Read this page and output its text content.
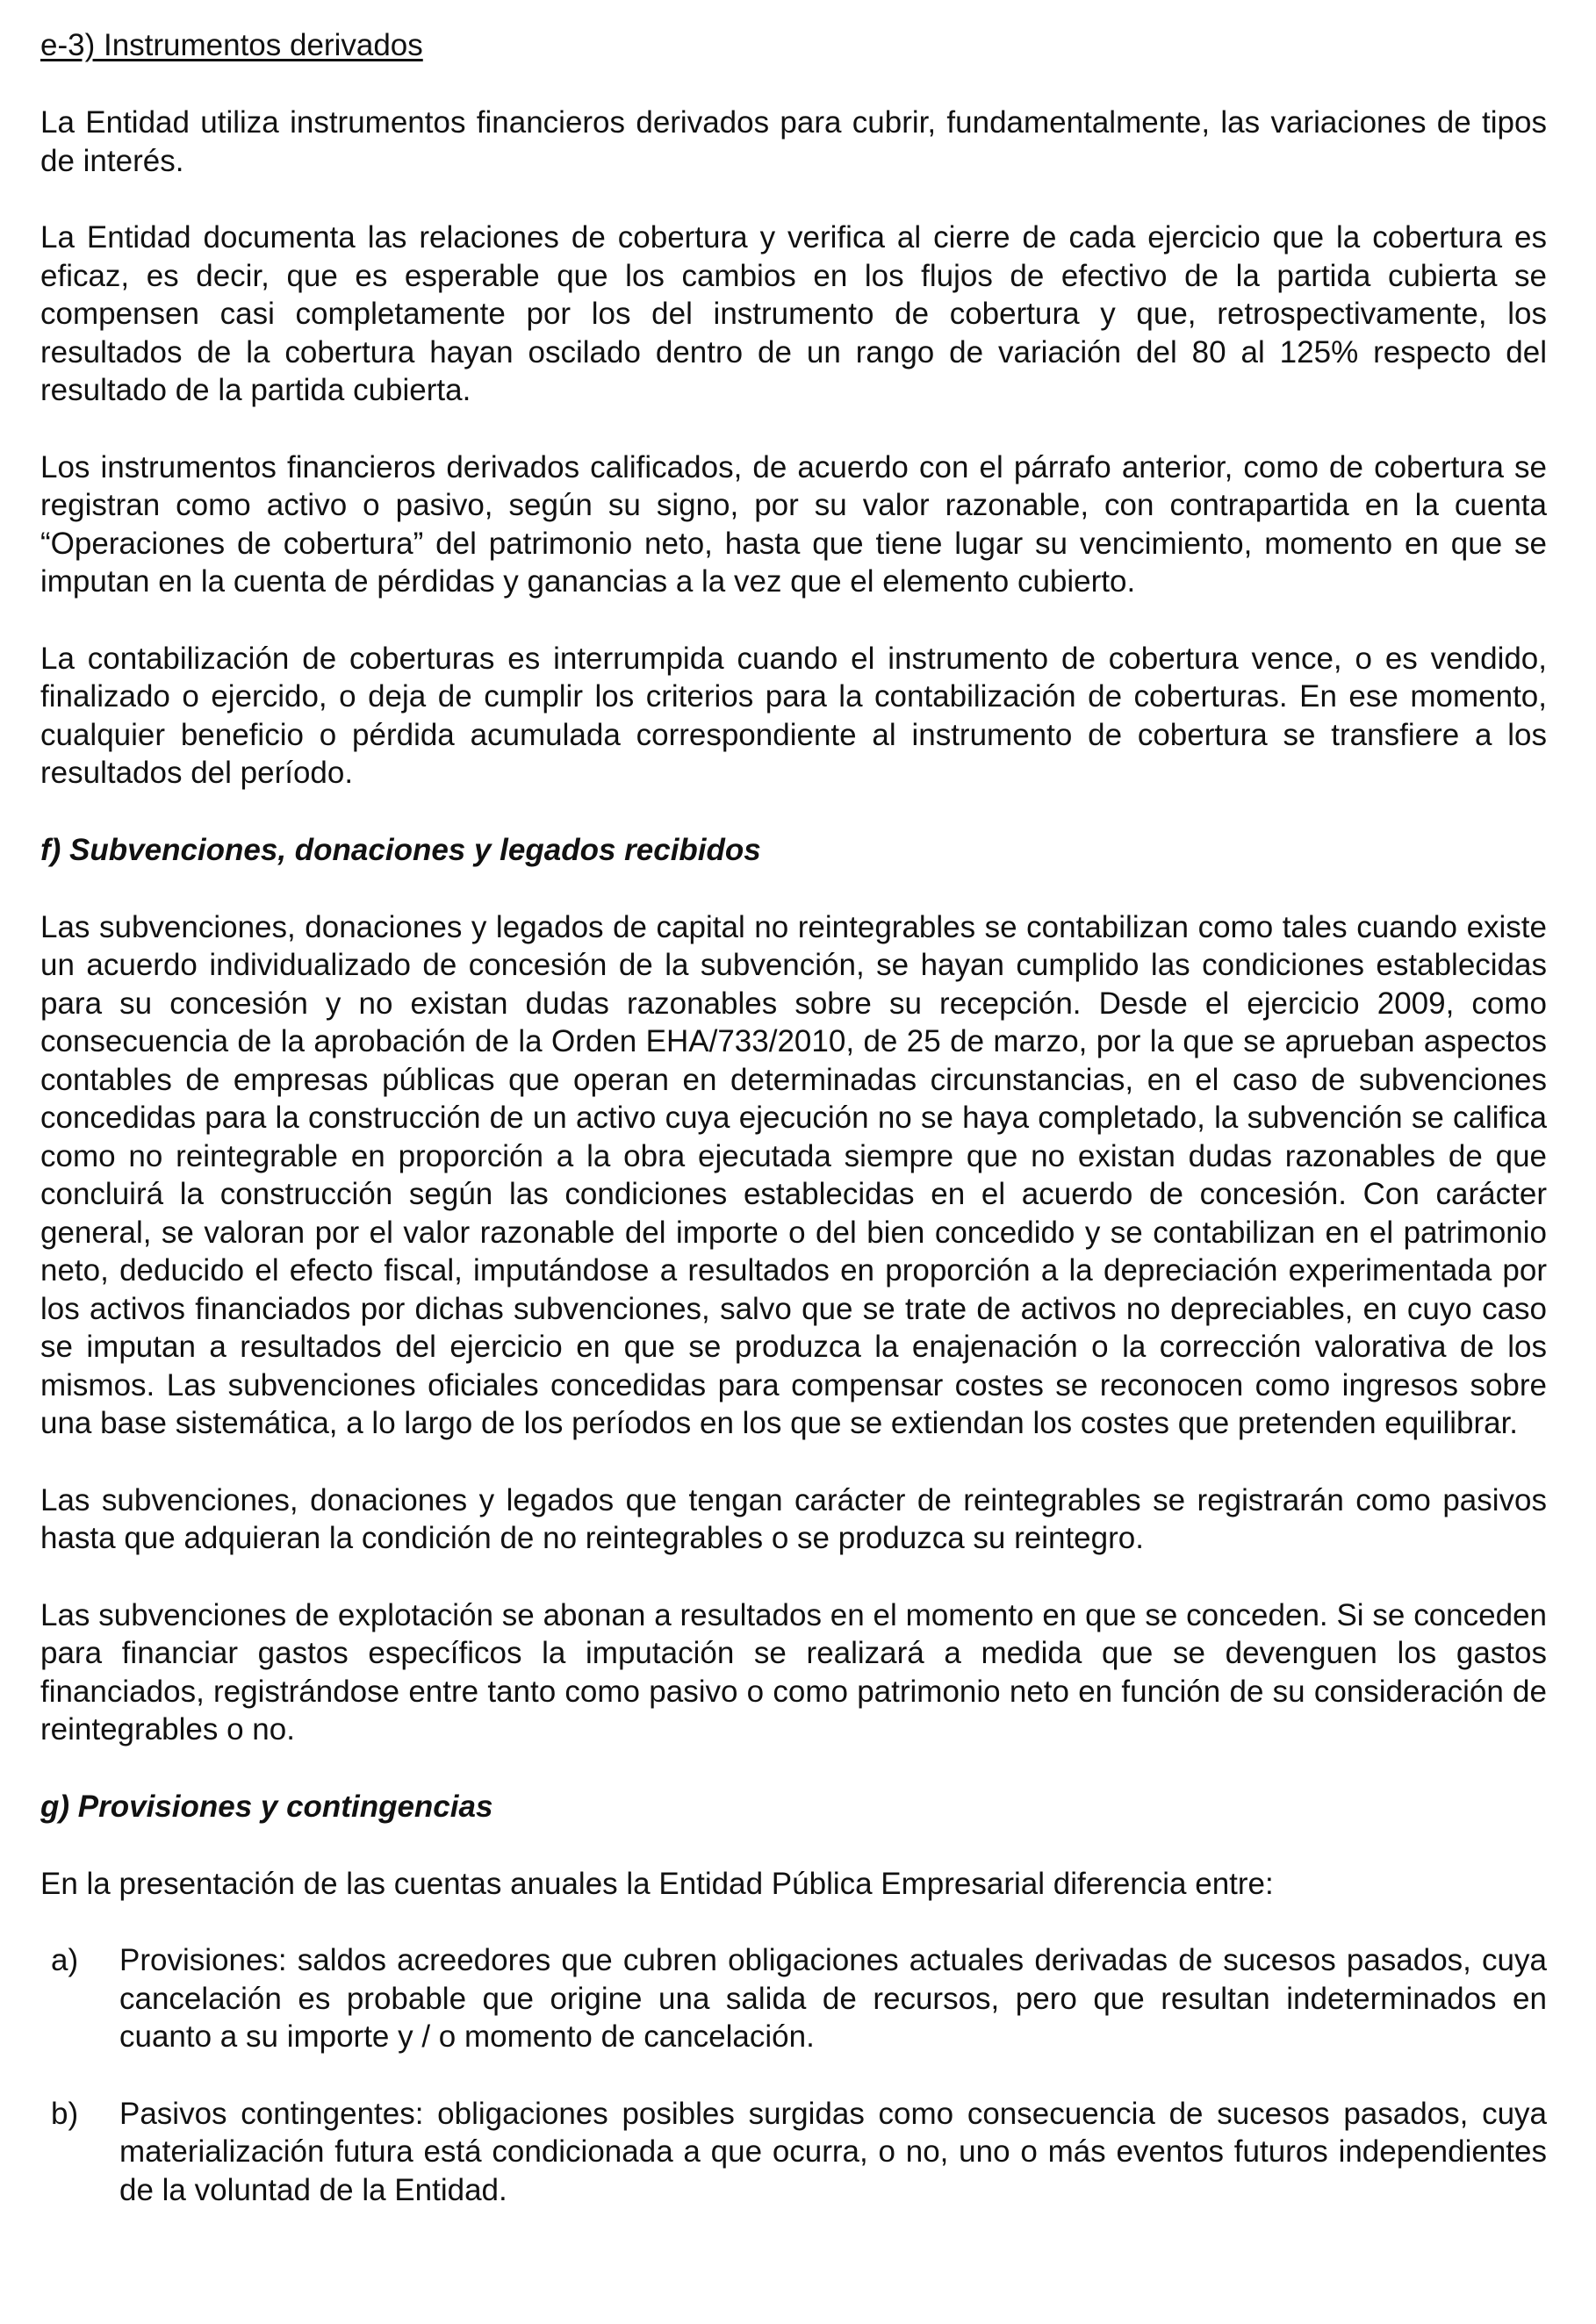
e-3) Instrumentos derivados

La Entidad utiliza instrumentos financieros derivados para cubrir, fundamentalmente, las variaciones de tipos de interés.

La Entidad documenta las relaciones de cobertura y verifica al cierre de cada ejercicio que la cobertura es eficaz, es decir, que es esperable que los cambios en los flujos de efectivo de la partida cubierta se compensen casi completamente por los del instrumento de cobertura y que, retrospectivamente, los resultados de la cobertura hayan oscilado dentro de un rango de variación del 80 al 125% respecto del resultado de la partida cubierta.

Los instrumentos financieros derivados calificados, de acuerdo con el párrafo anterior, como de cobertura se registran como activo o pasivo, según su signo, por su valor razonable, con contrapartida en la cuenta “Operaciones de cobertura” del patrimonio neto, hasta que tiene lugar su vencimiento, momento en que se imputan en la cuenta de pérdidas y ganancias a la vez que el elemento cubierto.

La contabilización de coberturas es interrumpida cuando el instrumento de cobertura vence, o es vendido, finalizado o ejercido, o deja de cumplir los criterios para la contabilización de coberturas. En ese momento, cualquier beneficio o pérdida acumulada correspondiente al instrumento de cobertura se transfiere a los resultados del período.

f) Subvenciones, donaciones y legados recibidos

Las subvenciones, donaciones y legados de capital no reintegrables se contabilizan como tales cuando existe un acuerdo individualizado de concesión de la subvención, se hayan cumplido las condiciones establecidas para su concesión y no existan dudas razonables sobre su recepción. Desde el ejercicio 2009, como consecuencia de la aprobación de la Orden EHA/733/2010, de 25 de marzo, por la que se aprueban aspectos contables de empresas públicas que operan en determinadas circunstancias, en el caso de subvenciones concedidas para la construcción de un activo cuya ejecución no se haya completado, la subvención se califica como no reintegrable en proporción a la obra ejecutada siempre que no existan dudas razonables de que concluirá la construcción según las condiciones establecidas en el acuerdo de concesión. Con carácter general, se valoran por el valor razonable del importe o del bien concedido y se contabilizan en el patrimonio neto, deducido el efecto fiscal, imputándose a resultados en proporción a la depreciación experimentada por los activos financiados por dichas subvenciones, salvo que se trate de activos no depreciables, en cuyo caso se imputan a resultados del ejercicio en que se produzca la enajenación o la corrección valorativa de los mismos. Las subvenciones oficiales concedidas para compensar costes se reconocen como ingresos sobre una base sistemática, a lo largo de los períodos en los que se extiendan los costes que pretenden equilibrar.

Las subvenciones, donaciones y legados que tengan carácter de reintegrables se registrarán como pasivos hasta que adquieran la condición de no reintegrables o se produzca su reintegro.

Las subvenciones de explotación se abonan a resultados en el momento en que se conceden. Si se conceden para financiar gastos específicos la imputación se realizará a medida que se devenguen los gastos financiados, registrándose entre tanto como pasivo o como patrimonio neto en función de su consideración de reintegrables o no.

g) Provisiones y contingencias

En la presentación de las cuentas anuales la Entidad Pública Empresarial diferencia entre:

a)	Provisiones: saldos acreedores que cubren obligaciones actuales derivadas de sucesos pasados, cuya cancelación es probable que origine una salida de recursos, pero que resultan indeterminados en cuanto a su importe y / o momento de cancelación.
b)	Pasivos contingentes: obligaciones posibles surgidas como consecuencia de sucesos pasados, cuya materialización futura está condicionada a que ocurra, o no, uno o más eventos futuros independientes de la voluntad de la Entidad.
